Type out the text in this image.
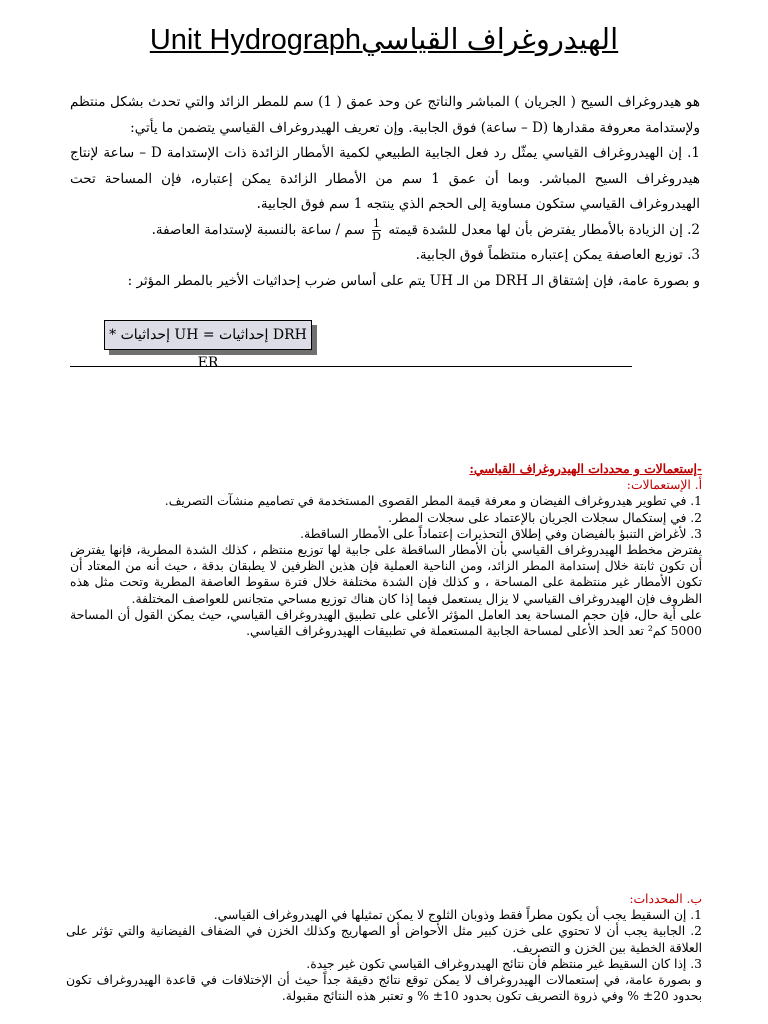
Unit Hydrographالهيدروغراف القياسي

هو هيدروغراف السيح ( الجريان ) المباشر والناتج عن وحد عمق ( 1) سم للمطر الزائد والتي تحدث بشكل منتظم ولإستدامة معروفة مقدارها (D – ساعة) فوق الجابية. وإن تعريف الهيدروغراف القياسي يتضمن ما يأتي:

1. إن الهيدروغراف القياسي يمثّل رد فعل الجابية الطبيعي لكمية الأمطار الزائدة ذات الإستدامة D – ساعة لإنتاج هيدروغراف السيح المباشر. وبما أن عمق 1 سم من الأمطار الزائدة يمكن إعتباره، فإن المساحة تحت الهيدروغراف القياسي ستكون مساوية إلى الحجم الذي ينتجه 1 سم فوق الجابية.

2. إن الزيادة بالأمطار يفترض بأن لها معدل للشدة قيمته
$\frac{1}{D}$
سم / ساعة بالنسبة لإستدامة العاصفة.

3. توزيع العاصفة يمكن إعتباره منتظماً فوق الجابية.

و بصورة عامة، فإن إشتقاق الـ DRH من الـ UH يتم على أساس ضرب إحداثيات الأخير بالمطر المؤثر :

DRH إحداثيات = UH إحداثيات * ER

-إستعمالات و محددات الهيدروغراف القياسي:

أ. الإستعمالات:

1. في تطوير هيدروغراف الفيضان و معرفة قيمة المطر القصوى المستخدمة في تصاميم منشآت التصريف.

2. في إستكمال سجلات الجريان بالإعتماد على سجلات المطر.

3. لأغراض التنبؤ بالفيضان وفي إطلاق التحذيرات إعتماداً على الأمطار الساقطة.

يفترض مخطط الهيدروغراف القياسي بأن الأمطار الساقطة على جابية لها توزيع منتظم ، كذلك الشدة المطرية، فإنها يفترض أن تكون ثابتة خلال إستدامة المطر الزائد، ومن الناحية العملية فإن هذين الظرفين لا يطبقان بدقة ، حيث أنه من المعتاد أن تكون الأمطار غير منتظمة على المساحة ، و كذلك فإن الشدة مختلفة خلال فترة سقوط العاصفة المطرية وتحت مثل هذه الظروف فإن الهيدروغراف القياسي لا يزال يستعمل فيما إذا كان هناك توزيع مساحي متجانس للعواصف المختلفة.

على أية حال، فإن حجم المساحة يعد العامل المؤثر الأعلى على تطبيق الهيدروغراف القياسي، حيث يمكن القول أن المساحة 5000 كم² تعد الحد الأعلى لمساحة الجابية المستعملة في تطبيقات الهيدروغراف القياسي.

ب. المحددات:

1. إن السقيط يجب أن يكون مطراً فقط وذوبان الثلوج لا يمكن تمثيلها في الهيدروغراف القياسي.

2. الجابية يجب أن لا تحتوي على خزن كبير مثل الأحواض أو الصهاريج وكذلك الخزن في الضفاف الفيضانية والتي تؤثر على العلاقة الخطية بين الخزن و التصريف.

3. إذا كان السقيط غير منتظم فأن نتائج الهيدروغراف القياسي تكون غير جيدة.

و بصورة عامة، في إستعمالات الهيدروغراف لا يمكن توقع نتائج دقيقة جداً حيث أن الإختلافات في قاعدة الهيدروغراف تكون بحدود 20± % وفي ذروة التصريف تكون بحدود 10± % و تعتبر هذه النتائج مقبولة.
